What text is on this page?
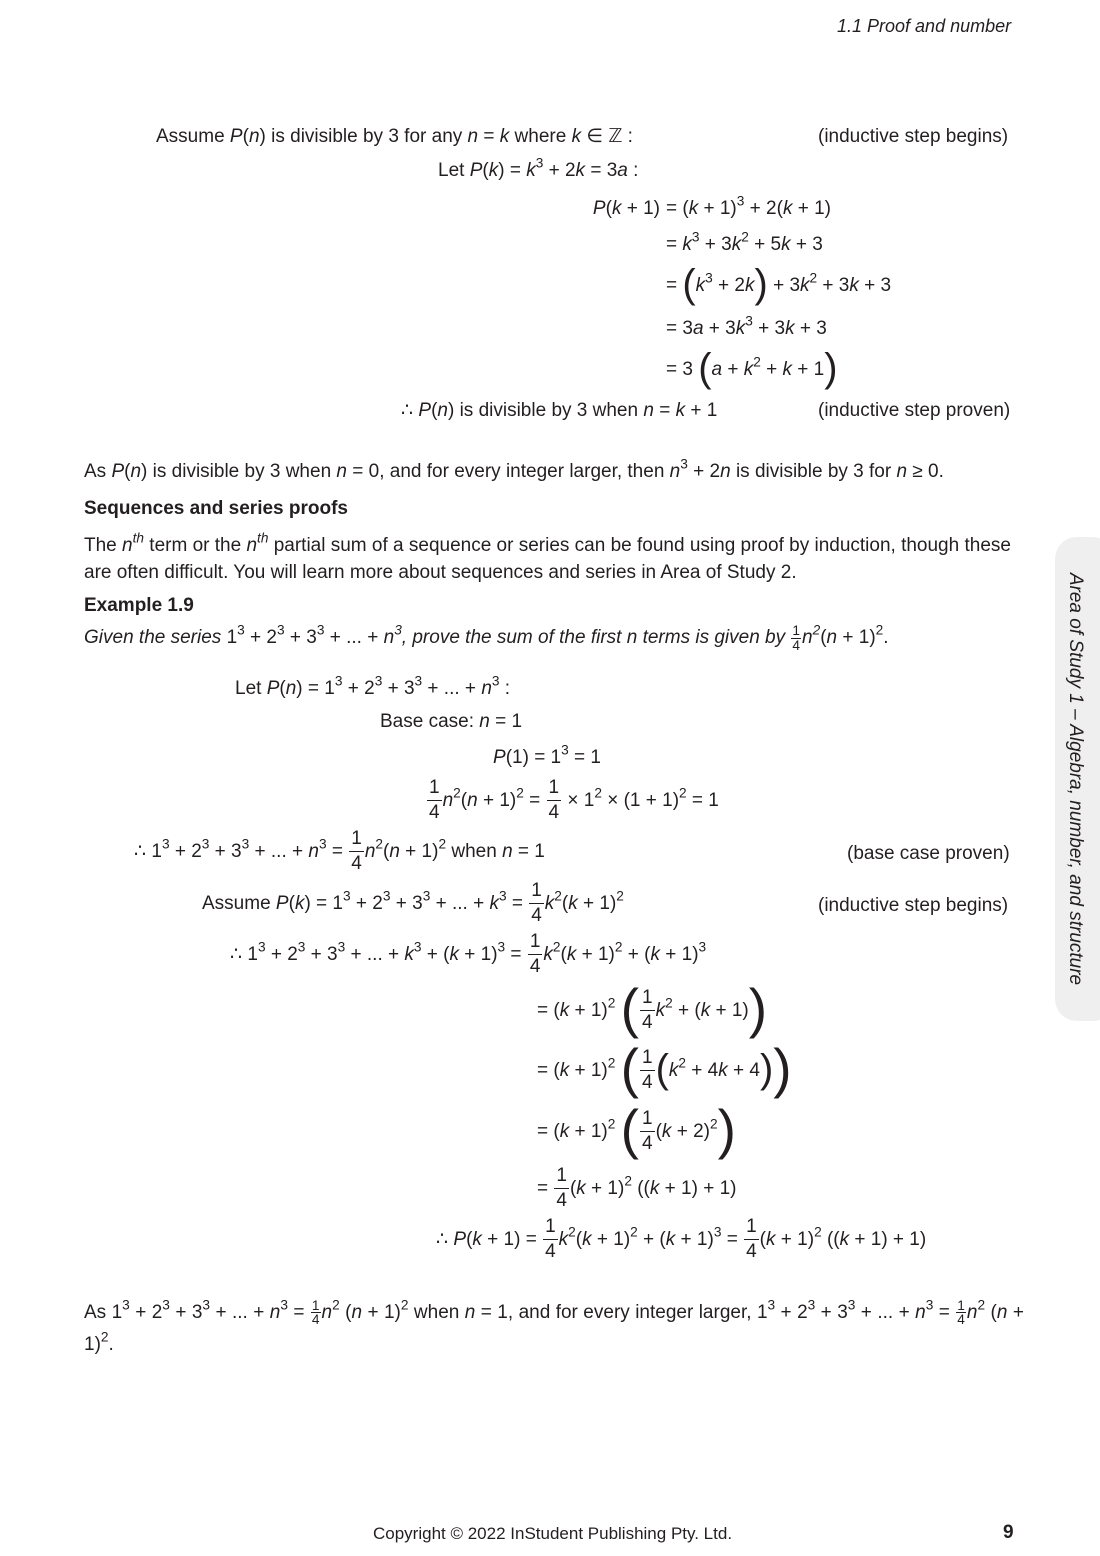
1.1 Proof and number
Assume P(n) is divisible by 3 for any n = k where k ∈ ℤ :	(inductive step begins)
Let $P(k) = k^3 + 2k = 3a$ :
$P(k + 1) = (k + 1)^3 + 2(k + 1)$
= $k^3 + 3k^2 + 5k + 3$
= $(k^3 + 2k) + 3k^2 + 3k + 3$
= $3a + 3k^3 + 3k + 3$
= 3 $(a + k^2 + k + 1)$
∴ P(n) is divisible by 3 when n = k + 1	(inductive step proven)
As P(n) is divisible by 3 when n = 0, and for every integer larger, then $n^3 + 2n$ is divisible by 3 for n ≥ 0.
Sequences and series proofs
The $n^{th}$ term or the $n^{th}$ partial sum of a sequence or series can be found using proof by induction, though these are often difficult. You will learn more about sequences and series in Area of Study 2.
Example 1.9
Given the series $1^3 + 2^3 + 3^3$ + ... + $n^3$, prove the sum of the first n terms is given by $\frac{1}{4} n^2(n + 1)^2$.
Let $P(n) = 1^3 + 2^3 + 3^3$ + ... + $n^3$ :
Base case: n = 1
$P(1) = 1^3 = 1$
$\frac{1}{4} n^2(n + 1)^2 = \frac{1}{4} \times 1^2 \times (1 + 1)^2 = 1$
∴ $1^3 + 2^3 + 3^3$ + ... + $n^3 = \frac{1}{4} n^2(n + 1)^2$ when n = 1	(base case proven)
Assume $P(k) = 1^3 + 2^3 + 3^3$ + ... + $k^3 = \frac{1}{4} k^2(k + 1)^2$	(inductive step begins)
∴ $1^3 + 2^3 + 3^3$ + ... + $k^3 + (k + 1)^3 = \frac{1}{4} k^2(k + 1)^2 + (k + 1)^3$
= $(k + 1)^2$ ( $\frac{1}{4} k^2 + (k + 1)$)
= $(k + 1)^2$ ( $\frac{1}{4} (k^2 + 4k + 4)$)
= $(k + 1)^2$ ( $\frac{1}{4} (k + 2)^2$)
= $\frac{1}{4} (k + 1)^2$ ((k + 1) + 1)
∴ $P(k + 1) = \frac{1}{4} k^2(k + 1)^2 + (k + 1)^3 = \frac{1}{4} (k + 1)^2$ ((k + 1) + 1)
As $1^3 + 2^3 + 3^3$ + ... + $n^3 = \frac{1}{4} n^2$ $(n + 1)^2$ when n = 1, and for every integer larger, $1^3 + 2^3 + 3^3$ + ... + $n^3 = \frac{1}{4} n^2$ $(n + 1)^2$.
Area of Study 1 – Algebra, number, and structure
Copyright © 2022 InStudent Publishing Pty. Ltd.	9
